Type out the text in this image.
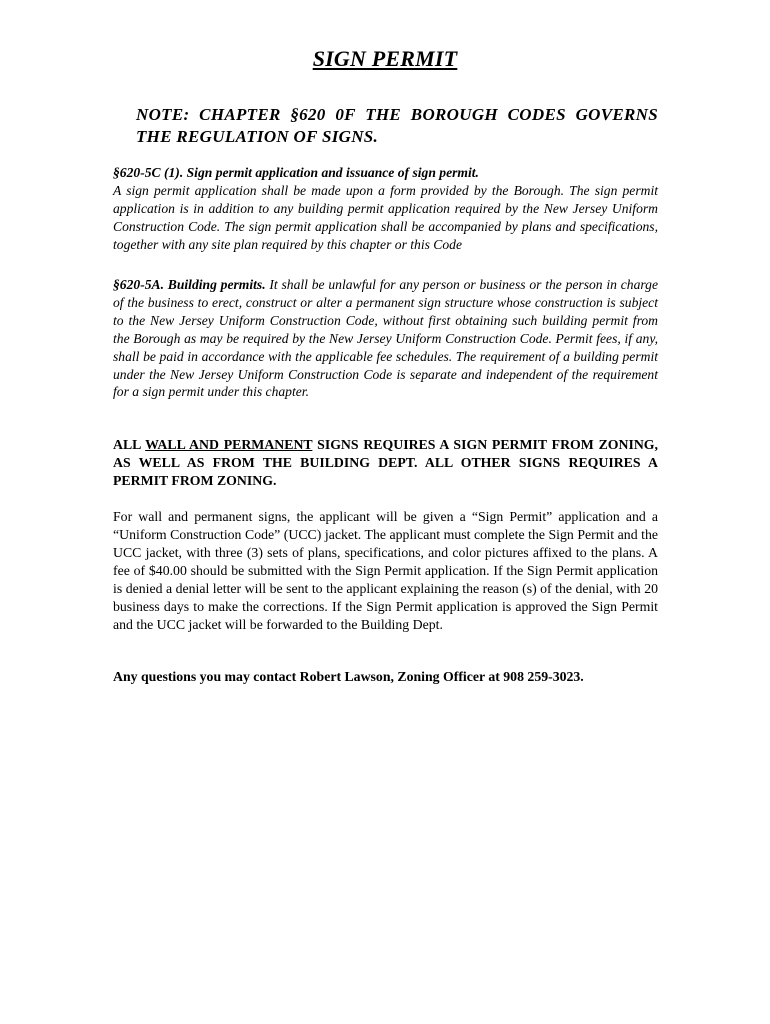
SIGN PERMIT
NOTE: CHAPTER §620 0F THE BOROUGH CODES GOVERNS THE REGULATION OF SIGNS.
§620-5C (1). Sign permit application and issuance of sign permit.
A sign permit application shall be made upon a form provided by the Borough. The sign permit application is in addition to any building permit application required by the New Jersey Uniform Construction Code. The sign permit application shall be accompanied by plans and specifications, together with any site plan required by this chapter or this Code
§620-5A. Building permits. It shall be unlawful for any person or business or the person in charge of the business to erect, construct or alter a permanent sign structure whose construction is subject to the New Jersey Uniform Construction Code, without first obtaining such building permit from the Borough as may be required by the New Jersey Uniform Construction Code. Permit fees, if any, shall be paid in accordance with the applicable fee schedules. The requirement of a building permit under the New Jersey Uniform Construction Code is separate and independent of the requirement for a sign permit under this chapter.
ALL WALL AND PERMANENT SIGNS REQUIRES A SIGN PERMIT FROM ZONING, AS WELL AS FROM THE BUILDING DEPT. ALL OTHER SIGNS REQUIRES A PERMIT FROM ZONING.
For wall and permanent signs, the applicant will be given a “Sign Permit” application and a “Uniform Construction Code” (UCC) jacket. The applicant must complete the Sign Permit and the UCC jacket, with three (3) sets of plans, specifications, and color pictures affixed to the plans. A fee of $40.00 should be submitted with the Sign Permit application. If the Sign Permit application is denied a denial letter will be sent to the applicant explaining the reason (s) of the denial, with 20 business days to make the corrections. If the Sign Permit application is approved the Sign Permit and the UCC jacket will be forwarded to the Building Dept.
Any questions you may contact Robert Lawson, Zoning Officer at 908 259-3023.
